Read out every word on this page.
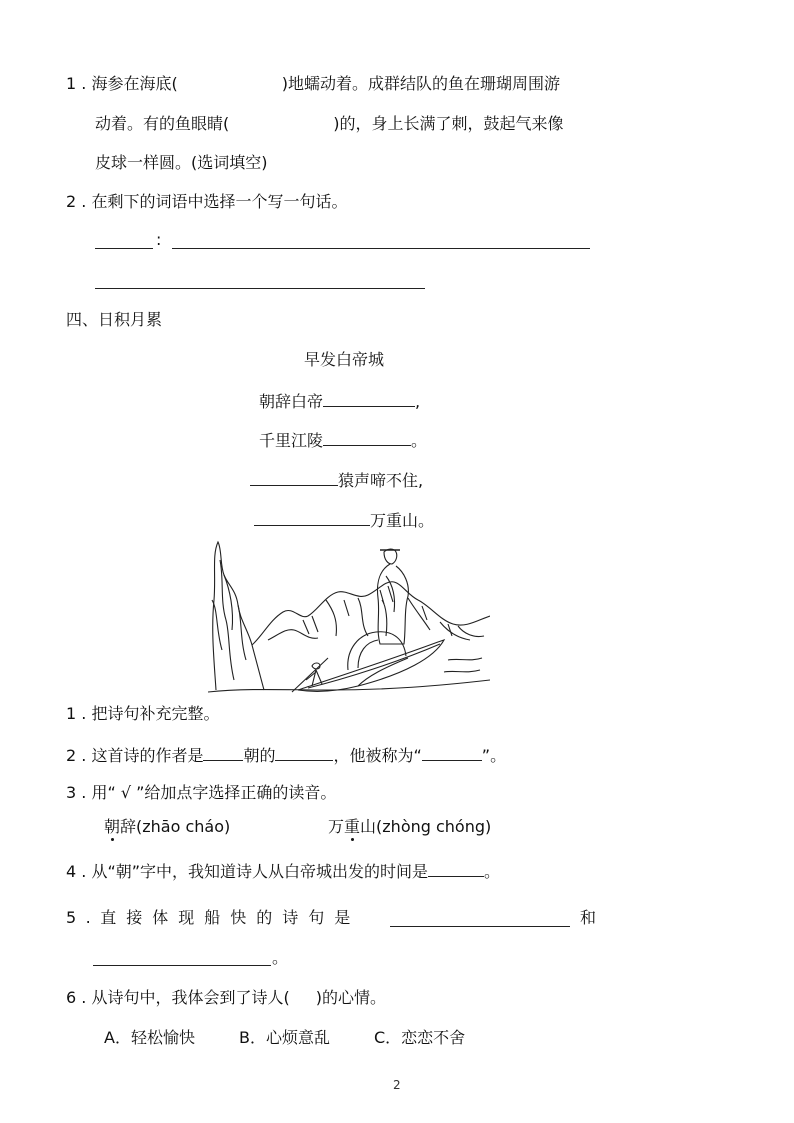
1 . 海参在海底(	)地蠕动着。成群结队的鱼在珊瑚周围游
动着。有的鱼眼睛(	)的，身上长满了刺，鼓起气来像
皮球一样圆。(选词填空)
2 . 在剩下的词语中选择一个写一句话。
:
四、日积月累
早发白帝城
朝辞白帝	,
千里江陵	。
猿声啼不住,
万重山。
1 . 把诗句补充完整。
2 . 这首诗的作者是	朝的	，他被称为“	”。
3 . 用“ √ ”给加点字选择正确的读音。
朝辞(zhāo cháo)	万重山(zhòng chóng)
4 . 从“朝”字中，我知道诗人从白帝城出发的时间是	。
5 . 直接体现船快的诗句是	和
。
6 . 从诗句中，我体会到了诗人( )的心情。
A．轻松愉快	B．心烦意乱	C．恋恋不舍
2
